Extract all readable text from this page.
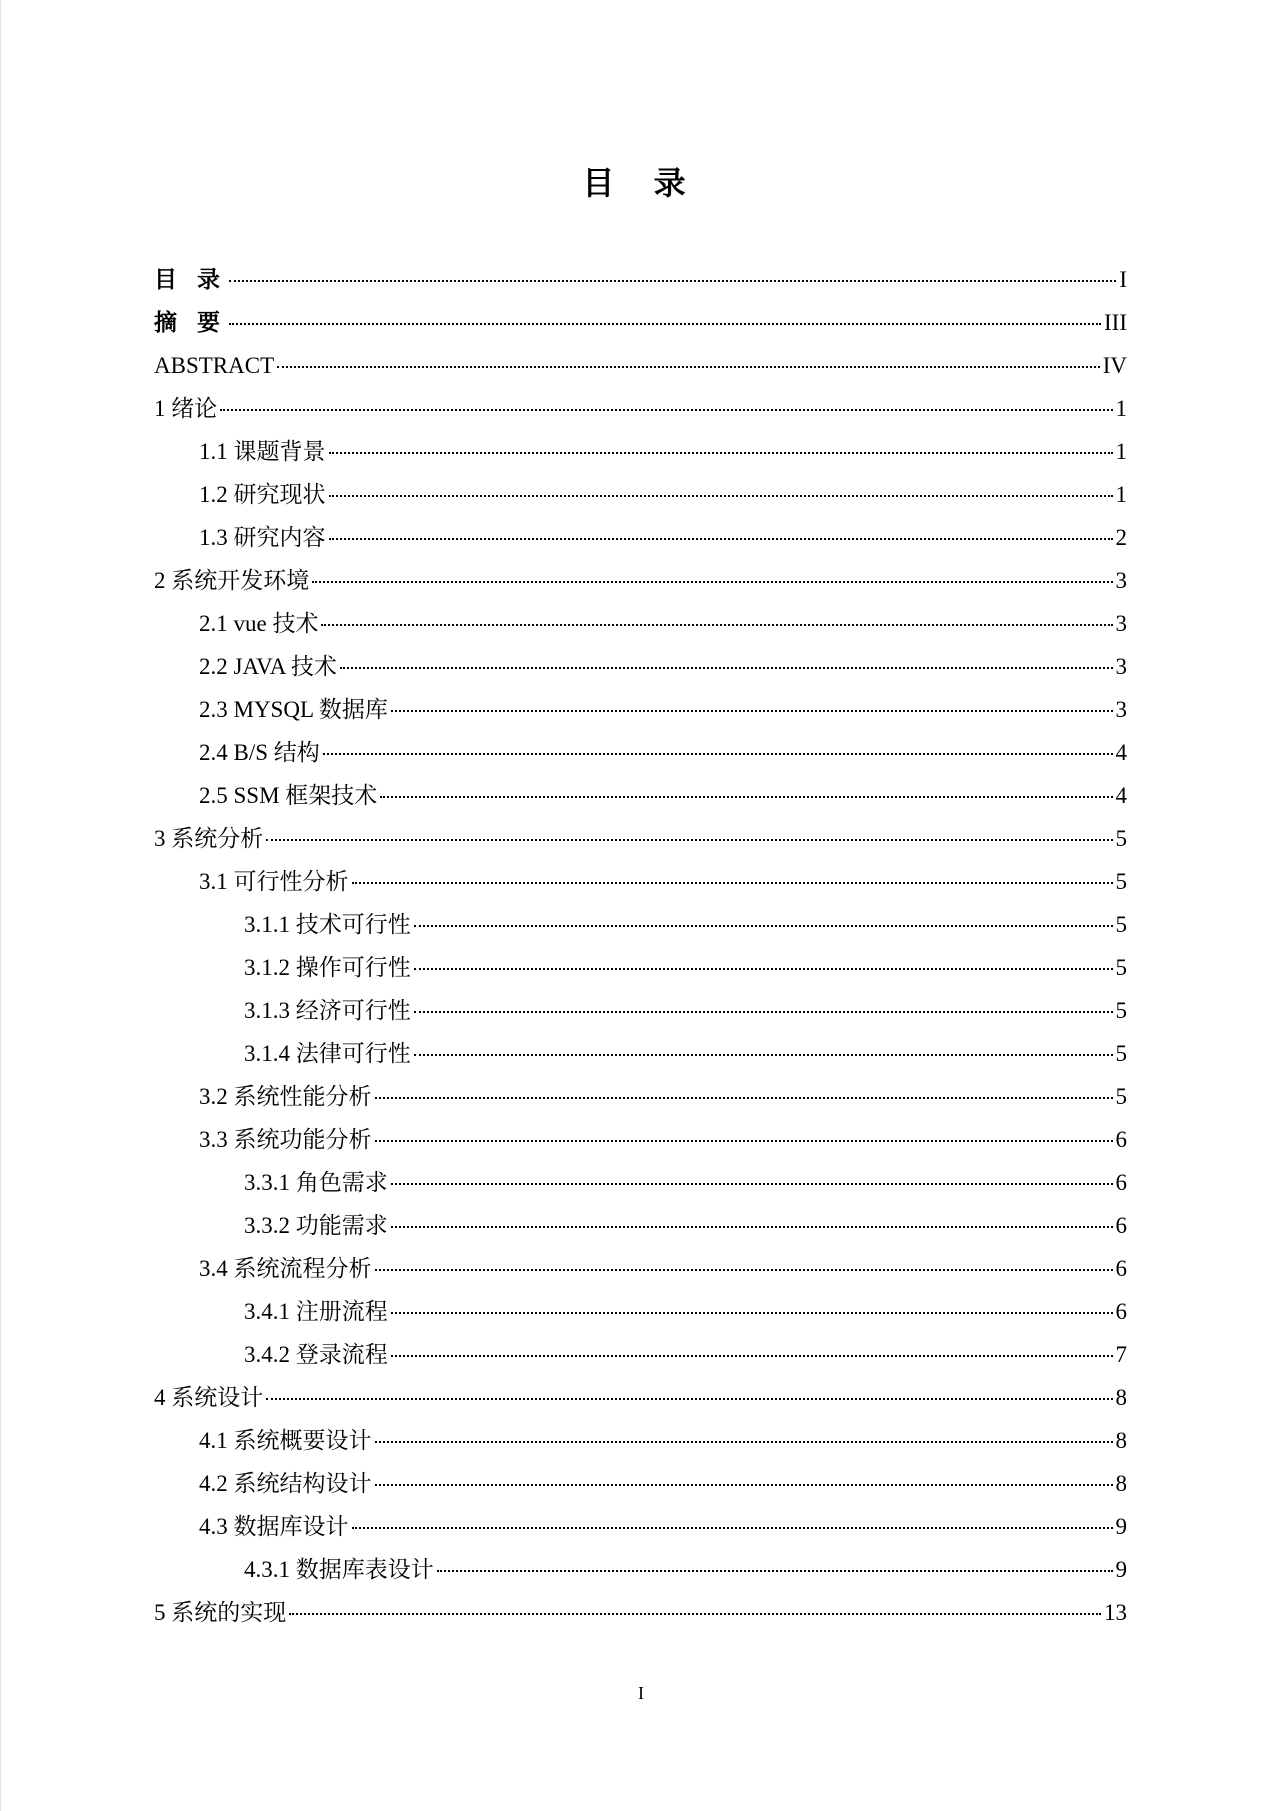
目 录
目 录	I
摘 要	III
ABSTRACT	IV
1 绪论	1
1.1 课题背景	1
1.2 研究现状	1
1.3 研究内容	2
2 系统开发环境	3
2.1 vue 技术	3
2.2 JAVA 技术	3
2.3 MYSQL 数据库	3
2.4 B/S 结构	4
2.5 SSM 框架技术	4
3 系统分析	5
3.1 可行性分析	5
3.1.1 技术可行性	5
3.1.2 操作可行性	5
3.1.3 经济可行性	5
3.1.4 法律可行性	5
3.2 系统性能分析	5
3.3 系统功能分析	6
3.3.1 角色需求	6
3.3.2 功能需求	6
3.4 系统流程分析	6
3.4.1 注册流程	6
3.4.2 登录流程	7
4 系统设计	8
4.1 系统概要设计	8
4.2 系统结构设计	8
4.3 数据库设计	9
4.3.1 数据库表设计	9
5 系统的实现	13
I
